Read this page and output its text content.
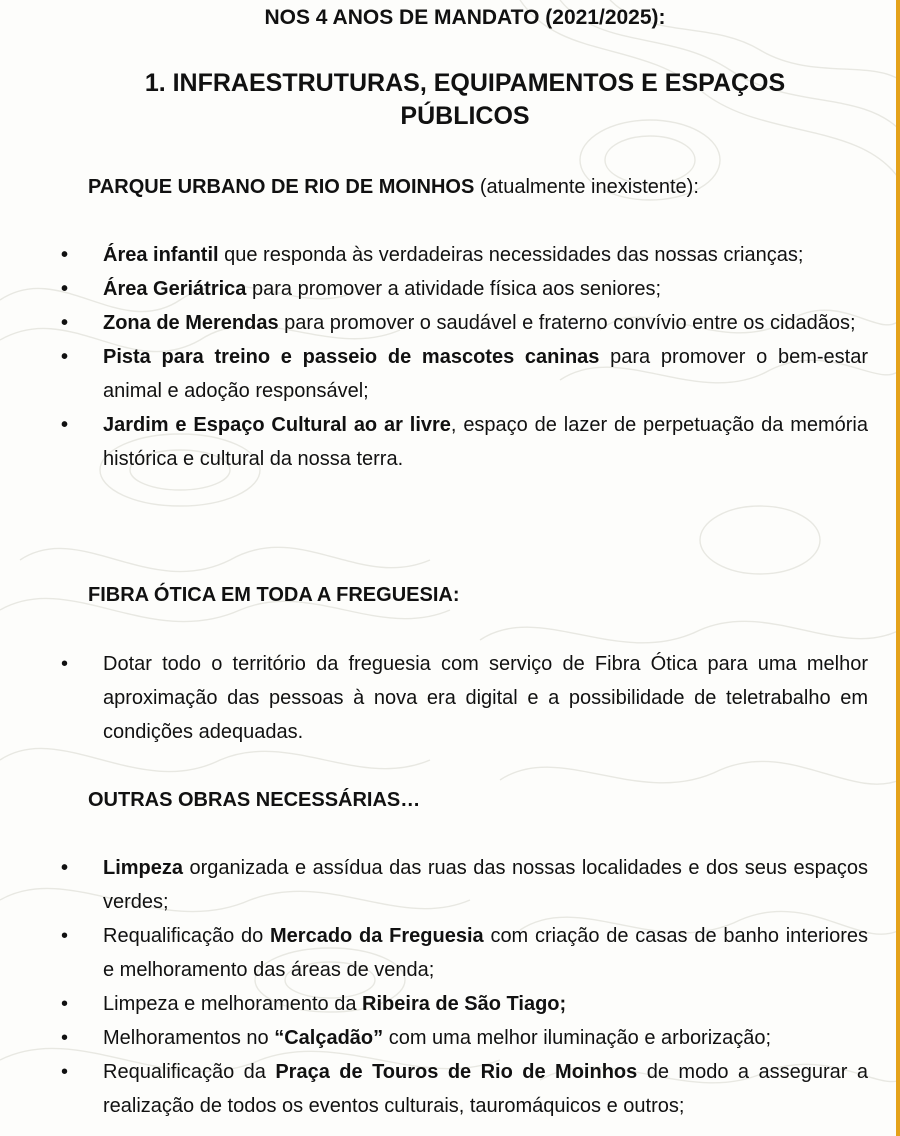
NOS 4 ANOS DE MANDATO (2021/2025):
1. INFRAESTRUTURAS, EQUIPAMENTOS E ESPAÇOS
PÚBLICOS
PARQUE URBANO DE RIO DE MOINHOS (atualmente inexistente):
• Área infantil que responda às verdadeiras necessidades das nossas crianças;
• Área Geriátrica para promover a atividade física aos seniores;
• Zona de Merendas para promover o saudável e fraterno convívio entre os cidadãos;
• Pista para treino e passeio de mascotes caninas para promover o bem-estar animal e adoção responsável;
• Jardim e Espaço Cultural ao ar livre, espaço de lazer de perpetuação da memória histórica e cultural da nossa terra.
FIBRA ÓTICA EM TODA A FREGUESIA:
• Dotar todo o território da freguesia com serviço de Fibra Ótica para uma melhor aproximação das pessoas à nova era digital e a possibilidade de teletrabalho em condições adequadas.
OUTRAS OBRAS NECESSÁRIAS…
• Limpeza organizada e assídua das ruas das nossas localidades e dos seus espaços verdes;
• Requalificação do Mercado da Freguesia com criação de casas de banho interiores e melhoramento das áreas de venda;
• Limpeza e melhoramento da Ribeira de São Tiago;
• Melhoramentos no “Calçadão” com uma melhor iluminação e arborização;
• Requalificação da Praça de Touros de Rio de Moinhos de modo a assegurar a realização de todos os eventos culturais, tauromáquicos e outros;
